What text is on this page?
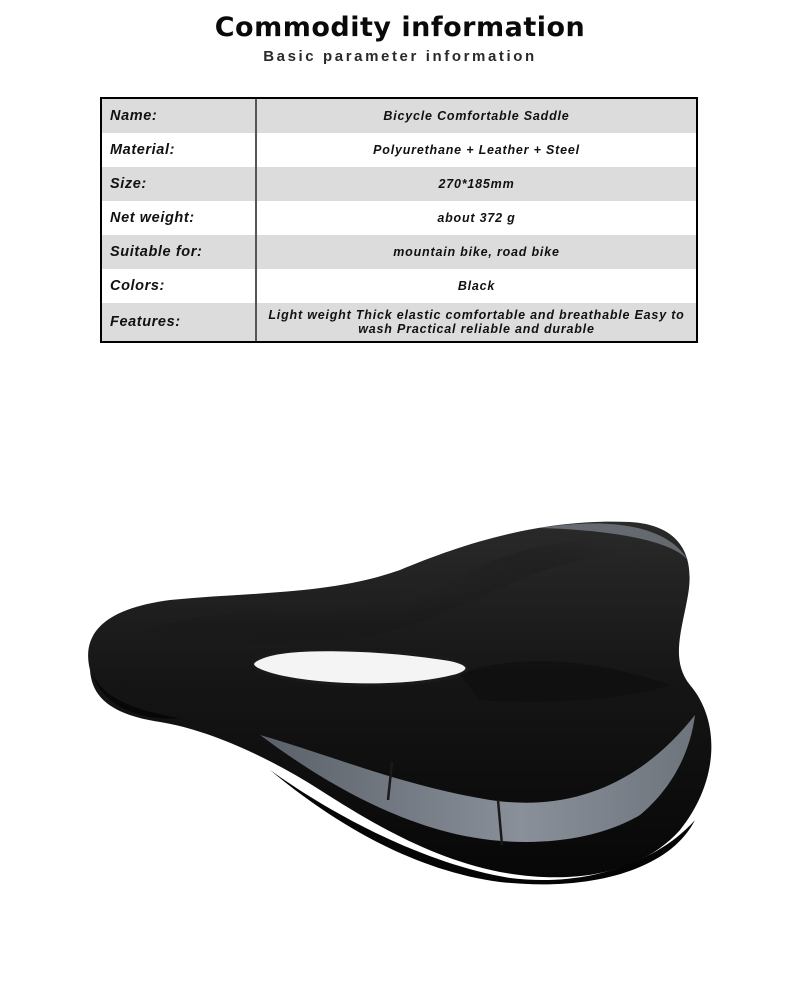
Commodity information
Basic parameter information
Name:	Bicycle Comfortable Saddle
Material:	Polyurethane + Leather + Steel
Size:	270*185mm
Net weight:	about 372 g
Suitable for:	mountain bike, road bike
Colors:	Black
Features:	Light weight Thick elastic comfortable and breathable Easy to wash Practical reliable and durable
